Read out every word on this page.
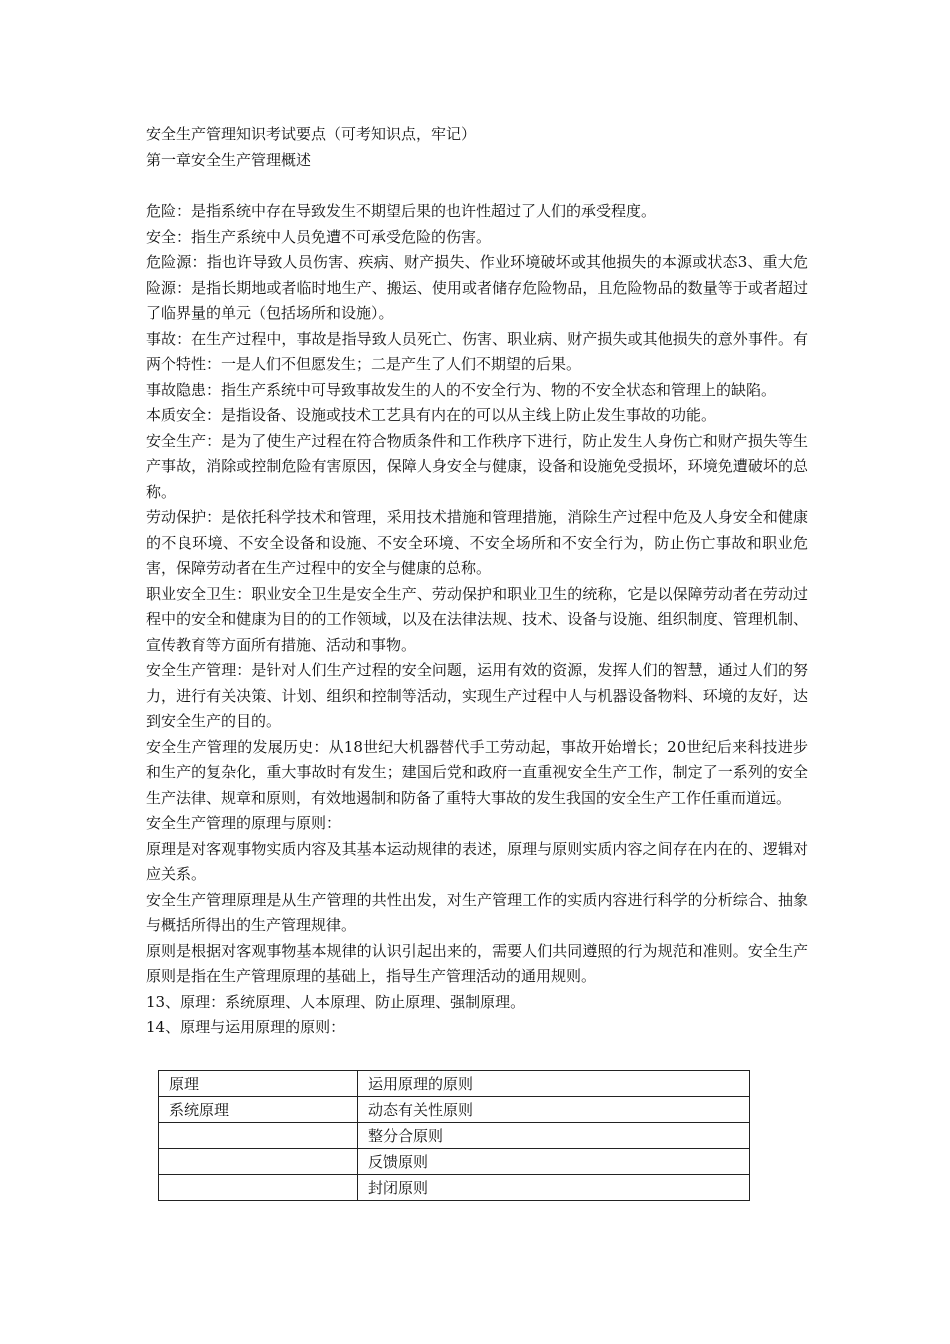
安全生产管理知识考试要点（可考知识点，牢记）

第一章安全生产管理概述

危险：是指系统中存在导致发生不期望后果的也许性超过了人们的承受程度。

安全：指生产系统中人员免遭不可承受危险的伤害。

危险源：指也许导致人员伤害、疾病、财产损失、作业环境破坏或其他损失的本源或状态3、重大危险源：是指长期地或者临时地生产、搬运、使用或者储存危险物品，且危险物品的数量等于或者超过了临界量的单元（包括场所和设施）。

事故：在生产过程中，事故是指导致人员死亡、伤害、职业病、财产损失或其他损失的意外事件。有两个特性：一是人们不但愿发生；二是产生了人们不期望的后果。

事故隐患：指生产系统中可导致事故发生的人的不安全行为、物的不安全状态和管理上的缺陷。

本质安全：是指设备、设施或技术工艺具有内在的可以从主线上防止发生事故的功能。

安全生产：是为了使生产过程在符合物质条件和工作秩序下进行，防止发生人身伤亡和财产损失等生产事故，消除或控制危险有害原因，保障人身安全与健康，设备和设施免受损坏，环境免遭破坏的总称。

劳动保护：是依托科学技术和管理，采用技术措施和管理措施，消除生产过程中危及人身安全和健康的不良环境、不安全设备和设施、不安全环境、不安全场所和不安全行为，防止伤亡事故和职业危害，保障劳动者在生产过程中的安全与健康的总称。

职业安全卫生：职业安全卫生是安全生产、劳动保护和职业卫生的统称，它是以保障劳动者在劳动过程中的安全和健康为目的的工作领域，以及在法律法规、技术、设备与设施、组织制度、管理机制、宣传教育等方面所有措施、活动和事物。

安全生产管理：是针对人们生产过程的安全问题，运用有效的资源，发挥人们的智慧，通过人们的努力，进行有关决策、计划、组织和控制等活动，实现生产过程中人与机器设备物料、环境的友好，达到安全生产的目的。

安全生产管理的发展历史：从18世纪大机器替代手工劳动起，事故开始增长；20世纪后来科技进步和生产的复杂化，重大事故时有发生；建国后党和政府一直重视安全生产工作，制定了一系列的安全生产法律、规章和原则，有效地遏制和防备了重特大事故的发生我国的安全生产工作任重而道远。

安全生产管理的原理与原则：

原理是对客观事物实质内容及其基本运动规律的表述，原理与原则实质内容之间存在内在的、逻辑对应关系。

安全生产管理原理是从生产管理的共性出发，对生产管理工作的实质内容进行科学的分析综合、抽象与概括所得出的生产管理规律。

原则是根据对客观事物基本规律的认识引起出来的，需要人们共同遵照的行为规范和准则。安全生产原则是指在生产管理原理的基础上，指导生产管理活动的通用规则。

13、原理：系统原理、人本原理、防止原理、强制原理。

14、原理与运用原理的原则：

原理	运用原理的原则
系统原理	动态有关性原则
	整分合原则
	反馈原则
	封闭原则
